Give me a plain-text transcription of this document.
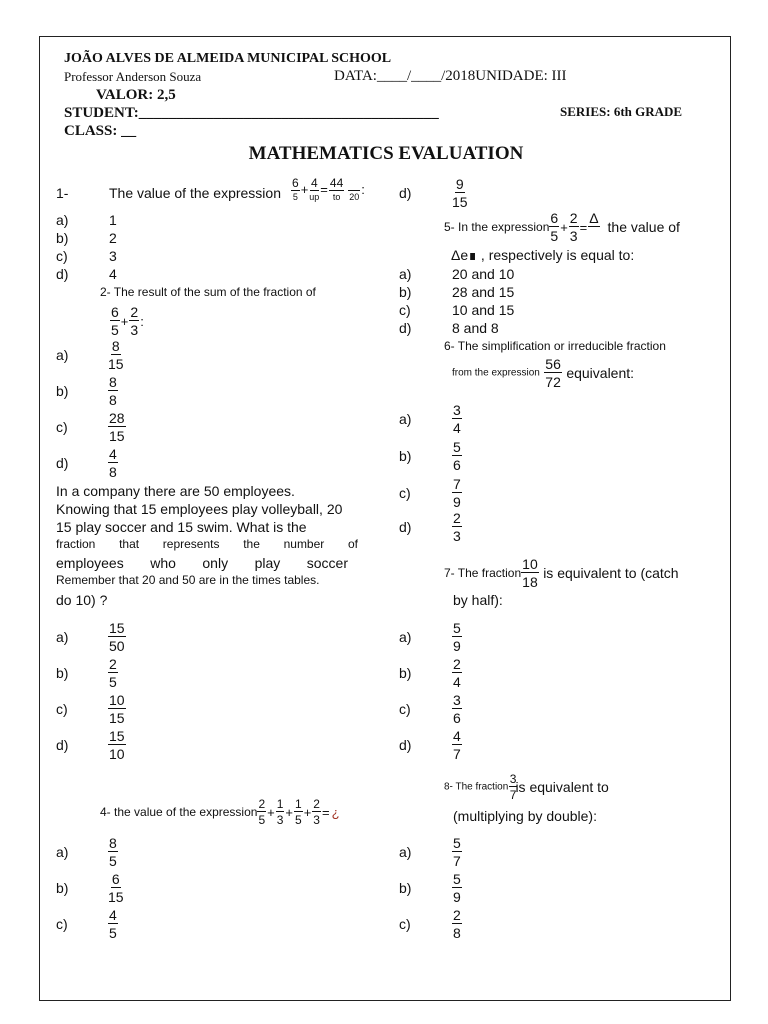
JOÃO ALVES DE ALMEIDA MUNICIPAL SCHOOL
Professor Anderson Souza	DATA:____/____/2018UNIDADE: III
VALOR: 2,5
STUDENT:________________________________________	SERIES: 6th GRADE
CLASS: __
MATHEMATICS EVALUATION
1-	The value of the expression $\frac{6}{5} + \frac{4}{up} = \frac{44}{to}$
20 :
a)	1
b)	2
c)	3
d)	4
2- The result of the sum of the fraction of
$\frac{6}{5} + \frac{2}{3}$ :
a)	$\frac{8}{15}$
b)	$\frac{8}{8}$
c)	$\frac{28}{15}$
d)	$\frac{4}{8}$
In a company there are 50 employees.
Knowing that 15 employees play volleyball, 20
15 play soccer and 15 swim. What is the
fraction that represents the number of
employees who only play soccer
Remember that 20 and 50 are in the times tables.
do 10) ?
a)	$\frac{15}{50}$
b)	$\frac{2}{5}$
c)	$\frac{10}{15}$
d)	$\frac{15}{10}$
4- the value of the expression $\frac{2}{5} + \frac{1}{3} + \frac{1}{5} + \frac{2}{3}$ = ¿
a)	$\frac{8}{5}$
b)	$\frac{6}{15}$
c)	$\frac{4}{5}$
d)	$\frac{9}{15}$
5- In the expression $\frac{6}{5} + \frac{2}{3}$ =
Δ

the value of
Δe∎ , respectively is equal to:
a)	20 and 10
b)	28 and 15
c)	10 and 15
d)	8 and 8
6- The simplification or irreducible fraction
from the expression $\frac{56}{72}$ equivalent:
a)	$\frac{3}{4}$
b)	$\frac{5}{6}$
c)	$\frac{7}{9}$
d)	$\frac{2}{3}$
7- The fraction $\frac{10}{18}$ is equivalent to (catch
by half):
a)	$\frac{5}{9}$
b)	$\frac{2}{4}$
c)	$\frac{3}{6}$
d)	$\frac{4}{7}$
8- The fraction $\frac{3}{7}$
is equivalent to
(multiplying by double):
a)	$\frac{5}{7}$
b)	$\frac{5}{9}$
c)	$\frac{2}{8}$
